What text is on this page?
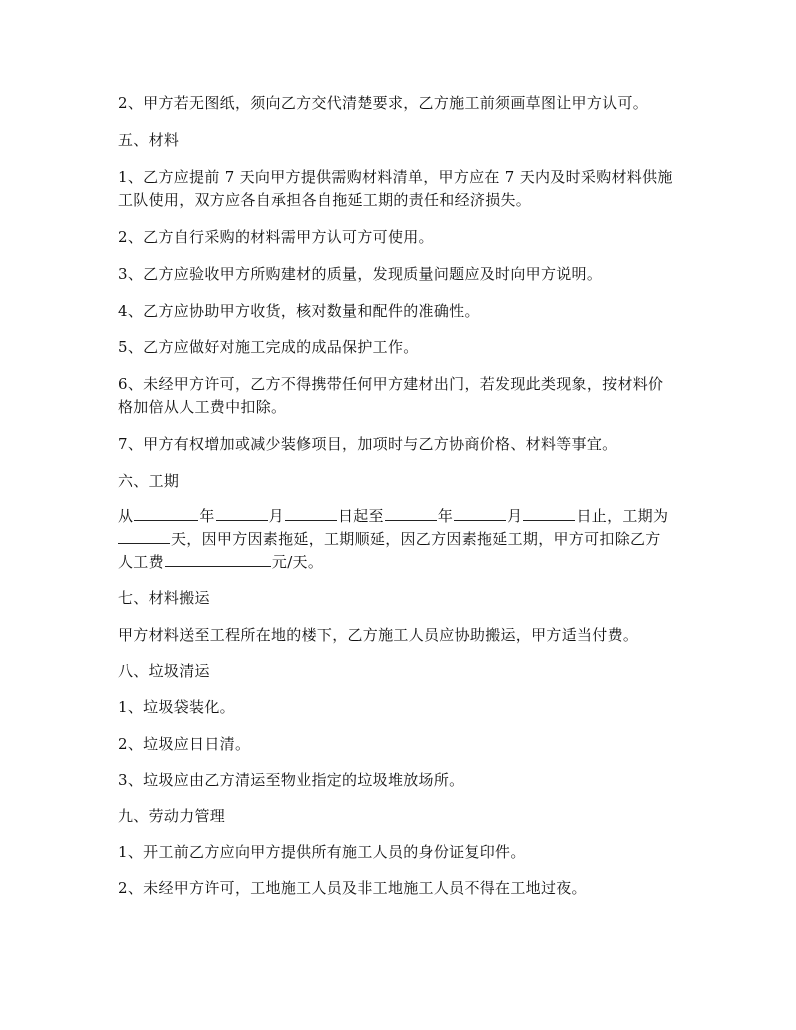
2、甲方若无图纸，须向乙方交代清楚要求，乙方施工前须画草图让甲方认可。
五、材料
1、乙方应提前 7 天向甲方提供需购材料清单，甲方应在 7 天内及时采购材料供施
工队使用，双方应各自承担各自拖延工期的责任和经济损失。
2、乙方自行采购的材料需甲方认可方可使用。
3、乙方应验收甲方所购建材的质量，发现质量问题应及时向甲方说明。
4、乙方应协助甲方收货，核对数量和配件的准确性。
5、乙方应做好对施工完成的成品保护工作。
6、未经甲方许可，乙方不得携带任何甲方建材出门，若发现此类现象，按材料价
格加倍从人工费中扣除。
7、甲方有权增加或减少装修项目，加项时与乙方协商价格、材料等事宜。
六、工期
从	年	月	日起至	年	月	日止，工期为
天，因甲方因素拖延，工期顺延，因乙方因素拖延工期，甲方可扣除乙方
人工费	元/天。
七、材料搬运
甲方材料送至工程所在地的楼下，乙方施工人员应协助搬运，甲方适当付费。
八、垃圾清运
1、垃圾袋装化。
2、垃圾应日日清。
3、垃圾应由乙方清运至物业指定的垃圾堆放场所。
九、劳动力管理
1、开工前乙方应向甲方提供所有施工人员的身份证复印件。
2、未经甲方许可，工地施工人员及非工地施工人员不得在工地过夜。
